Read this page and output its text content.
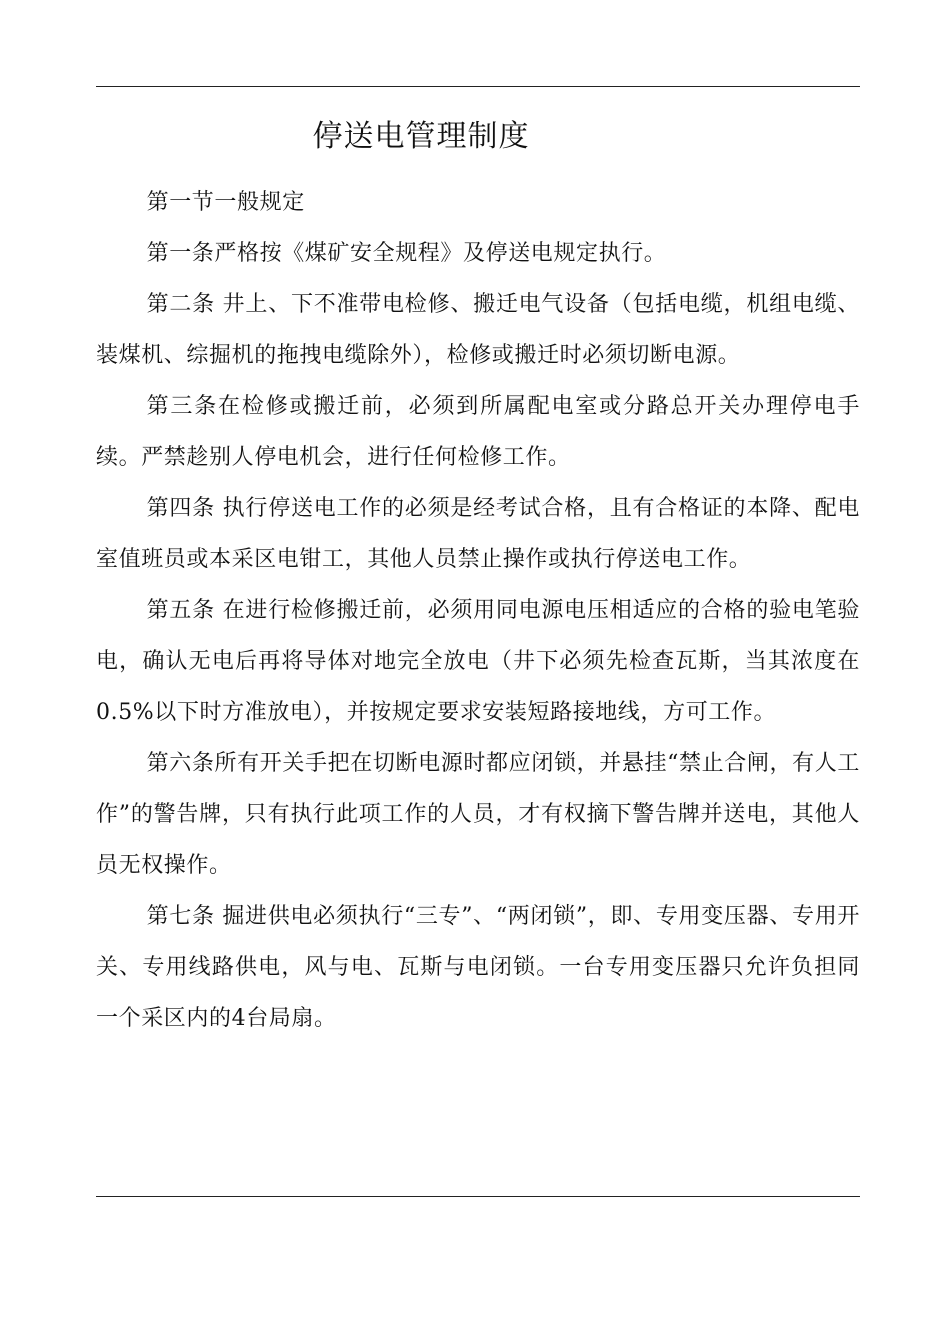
停送电管理制度

第一节一般规定

第一条严格按《煤矿安全规程》及停送电规定执行。

第二条 井上、下不准带电检修、搬迁电气设备（包括电缆，机组电缆、装煤机、综掘机的拖拽电缆除外），检修或搬迁时必须切断电源。

第三条在检修或搬迁前，必须到所属配电室或分路总开关办理停电手续。严禁趁别人停电机会，进行任何检修工作。

第四条 执行停送电工作的必须是经考试合格，且有合格证的本降、配电室值班员或本采区电钳工，其他人员禁止操作或执行停送电工作。

第五条 在进行检修搬迁前，必须用同电源电压相适应的合格的验电笔验电，确认无电后再将导体对地完全放电（井下必须先检查瓦斯，当其浓度在0.5%以下时方准放电），并按规定要求安装短路接地线，方可工作。

第六条所有开关手把在切断电源时都应闭锁，并悬挂“禁止合闸，有人工作”的警告牌，只有执行此项工作的人员，才有权摘下警告牌并送电，其他人员无权操作。

第七条 掘进供电必须执行“三专”、“两闭锁”，即、专用变压器、专用开关、专用线路供电，风与电、瓦斯与电闭锁。一台专用变压器只允许负担同一个采区内的4台局扇。
